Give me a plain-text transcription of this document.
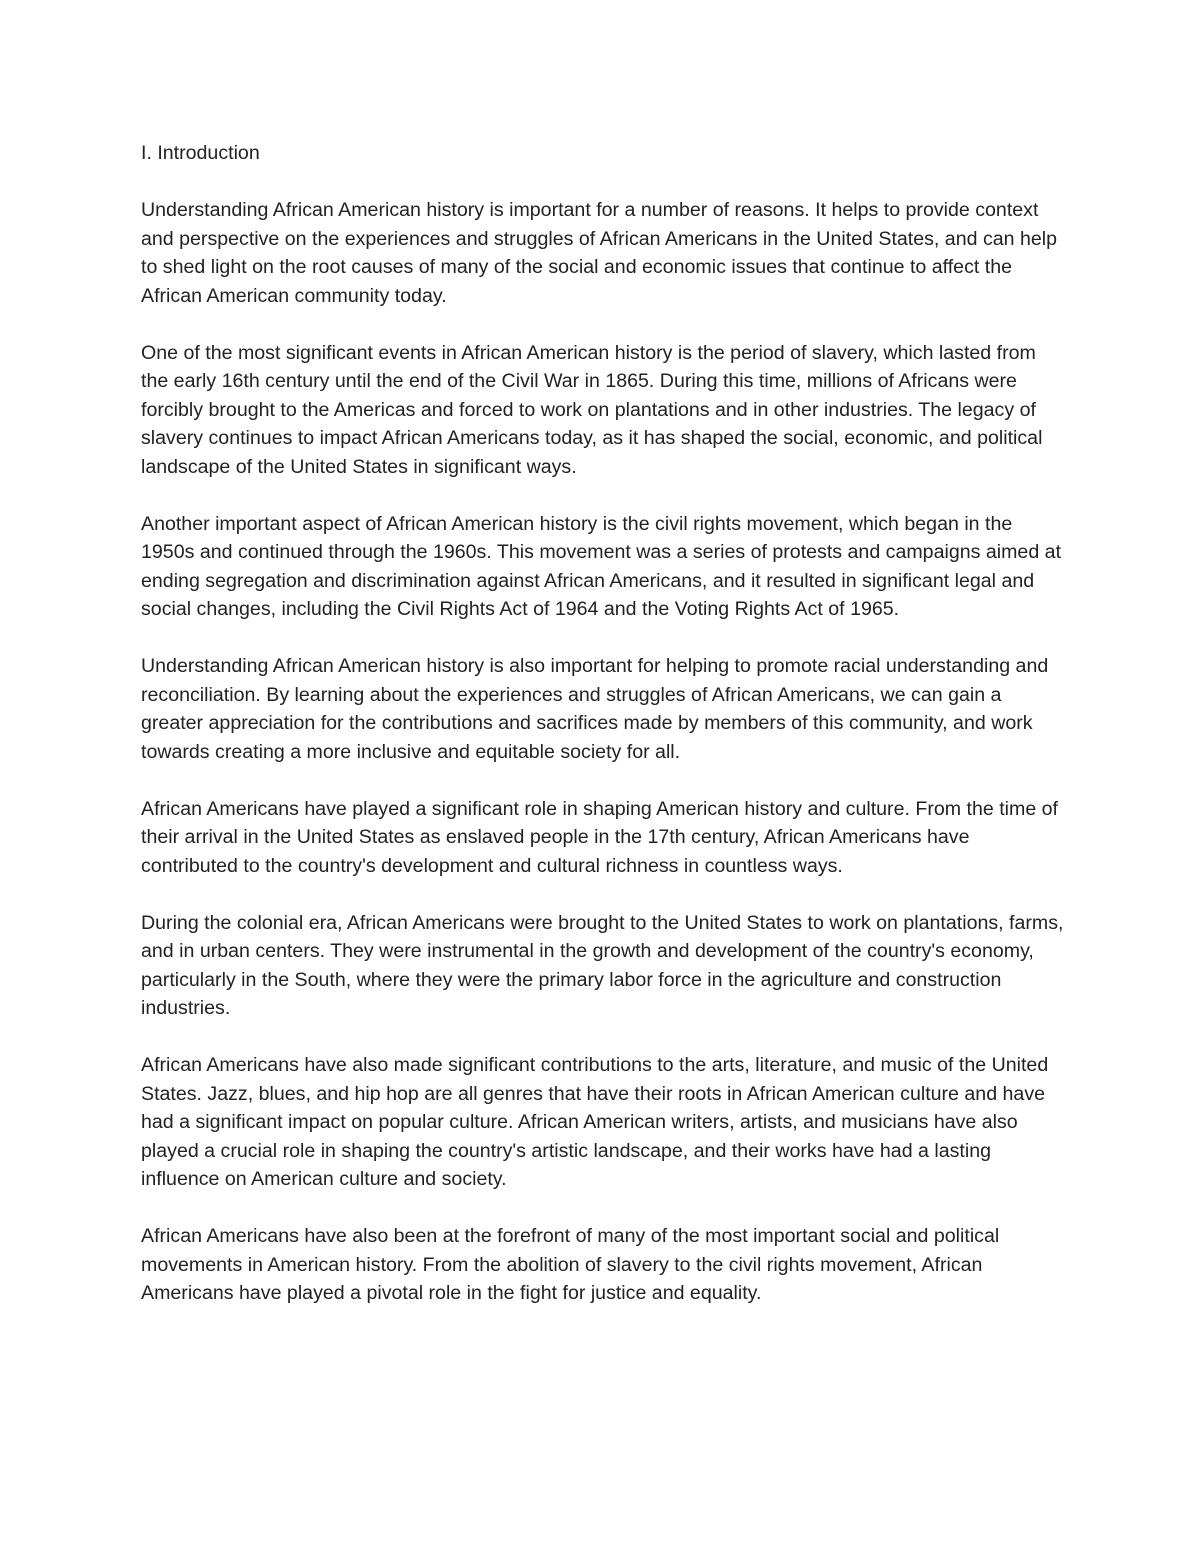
I. Introduction

Understanding African American history is important for a number of reasons. It helps to provide context and perspective on the experiences and struggles of African Americans in the United States, and can help to shed light on the root causes of many of the social and economic issues that continue to affect the African American community today.

One of the most significant events in African American history is the period of slavery, which lasted from the early 16th century until the end of the Civil War in 1865. During this time, millions of Africans were forcibly brought to the Americas and forced to work on plantations and in other industries. The legacy of slavery continues to impact African Americans today, as it has shaped the social, economic, and political landscape of the United States in significant ways.

Another important aspect of African American history is the civil rights movement, which began in the 1950s and continued through the 1960s. This movement was a series of protests and campaigns aimed at ending segregation and discrimination against African Americans, and it resulted in significant legal and social changes, including the Civil Rights Act of 1964 and the Voting Rights Act of 1965.

Understanding African American history is also important for helping to promote racial understanding and reconciliation. By learning about the experiences and struggles of African Americans, we can gain a greater appreciation for the contributions and sacrifices made by members of this community, and work towards creating a more inclusive and equitable society for all.

African Americans have played a significant role in shaping American history and culture. From the time of their arrival in the United States as enslaved people in the 17th century, African Americans have contributed to the country's development and cultural richness in countless ways.

During the colonial era, African Americans were brought to the United States to work on plantations, farms, and in urban centers. They were instrumental in the growth and development of the country's economy, particularly in the South, where they were the primary labor force in the agriculture and construction industries.

African Americans have also made significant contributions to the arts, literature, and music of the United States. Jazz, blues, and hip hop are all genres that have their roots in African American culture and have had a significant impact on popular culture. African American writers, artists, and musicians have also played a crucial role in shaping the country's artistic landscape, and their works have had a lasting influence on American culture and society.

African Americans have also been at the forefront of many of the most important social and political movements in American history. From the abolition of slavery to the civil rights movement, African Americans have played a pivotal role in the fight for justice and equality.
